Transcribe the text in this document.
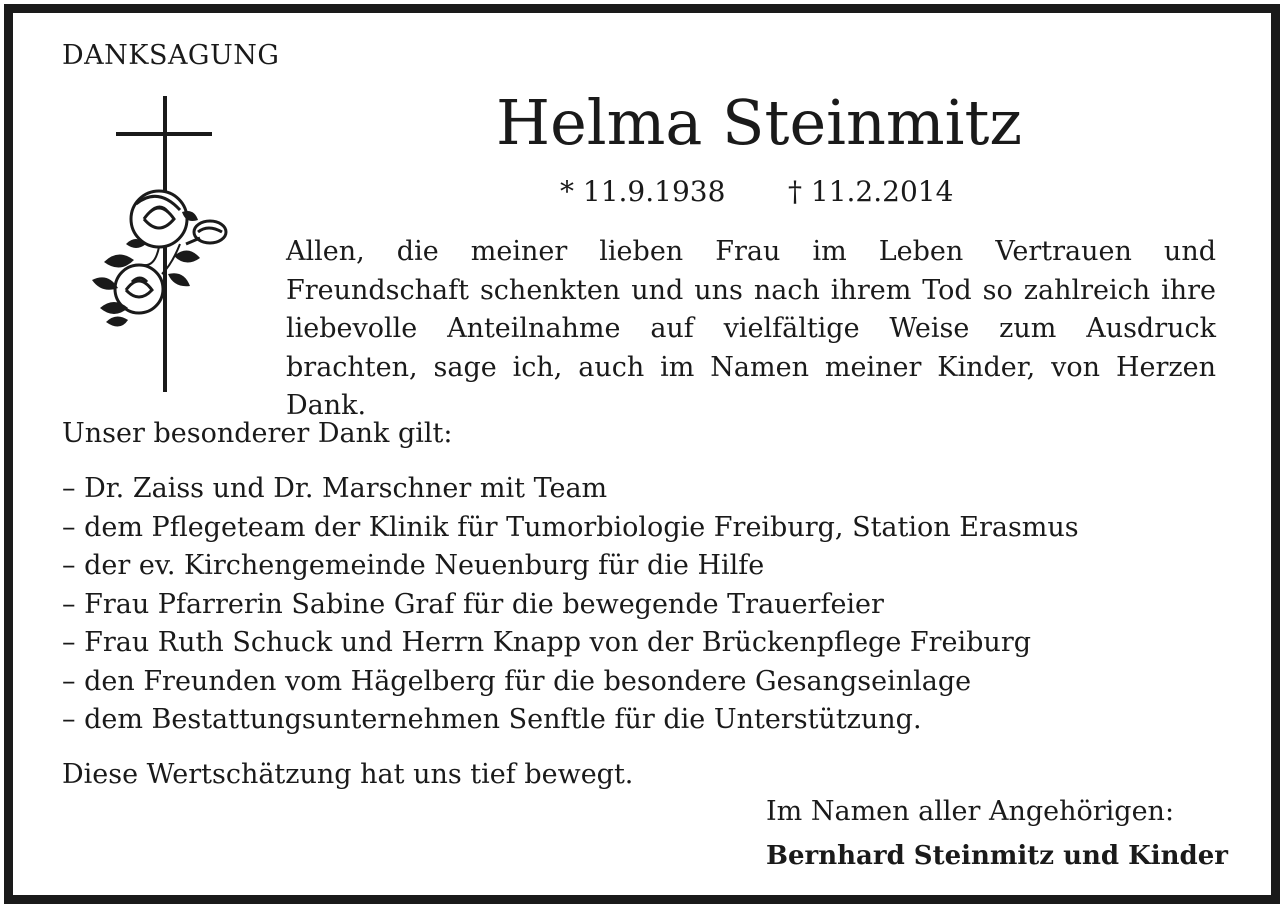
DANKSAGUNG
Helma Steinmitz
* 11.9.1938 † 11.2.2014

Allen, die meiner lieben Frau im Leben Vertrauen und Freundschaft schenkten und uns nach ihrem Tod so zahlreich ihre liebevolle Anteilnahme auf vielfältige Weise zum Ausdruck brachten, sage ich, auch im Namen meiner Kinder, von Herzen Dank.

Unser besonderer Dank gilt:

– Dr. Zaiss und Dr. Marschner mit Team
– dem Pflegeteam der Klinik für Tumorbiologie Freiburg, Station Erasmus
– der ev. Kirchengemeinde Neuenburg für die Hilfe
– Frau Pfarrerin Sabine Graf für die bewegende Trauerfeier
– Frau Ruth Schuck und Herrn Knapp von der Brückenpflege Freiburg
– den Freunden vom Hägelberg für die besondere Gesangseinlage
– dem Bestattungsunternehmen Senftle für die Unterstützung.

Diese Wertschätzung hat uns tief bewegt.

Im Namen aller Angehörigen:

Bernhard Steinmitz und Kinder
